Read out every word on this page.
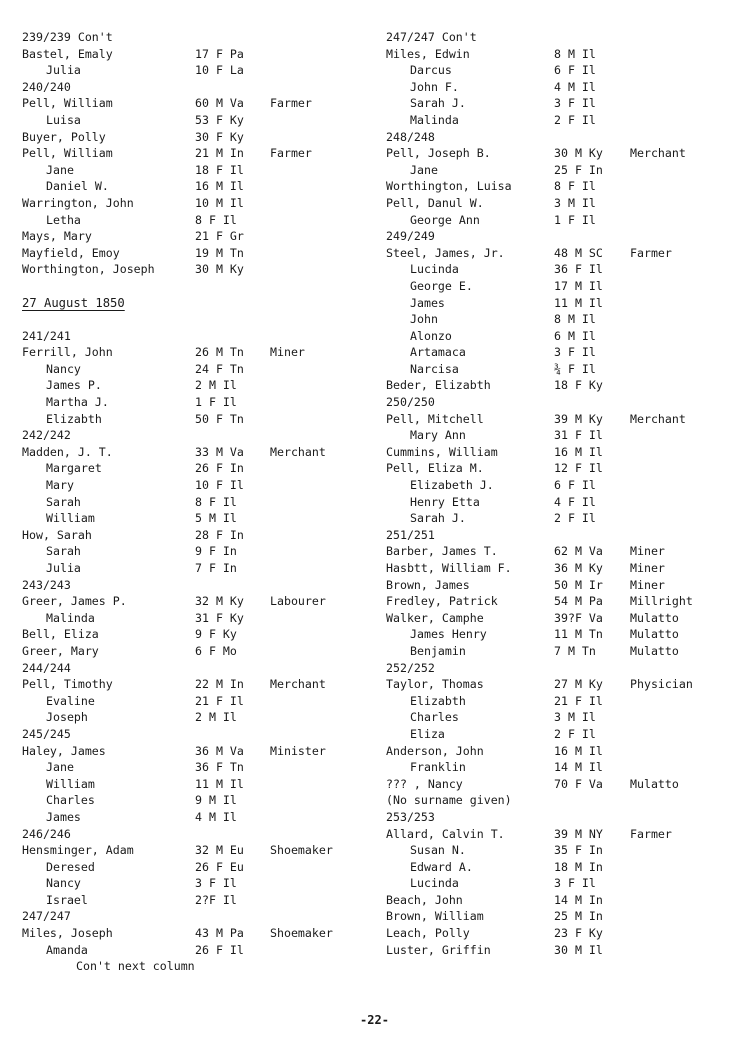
239/239 Con't
Bastel, Emaly	17 F Pa
Julia	10 F La
240/240
Pell, William	60 M Va Farmer
Luisa	53 F Ky
Buyer, Polly	30 F Ky
Pell, William	21 M In Farmer
Jane	18 F Il
Daniel W.	16 M Il
Warrington, John	10 M Il
Letha	8 F Il
Mays, Mary	21 F Gr
Mayfield, Emoy	19 M Tn
Worthington, Joseph	30 M Ky
27 August 1850
241/241
Ferrill, John	26 M Tn Miner
Nancy	24 F Tn
James P.	2 M Il
Martha J.	1 F Il
Elizabth	50 F Tn
242/242
Madden, J. T.	33 M Va Merchant
Margaret	26 F In
Mary	10 F Il
Sarah	8 F Il
William	5 M Il
How, Sarah	28 F In
Sarah	9 F In
Julia	7 F In
243/243
Greer, James P.	32 M Ky Labourer
Malinda	31 F Ky
Bell, Eliza	9 F Ky
Greer, Mary	6 F Mo
244/244
Pell, Timothy	22 M In Merchant
Evaline	21 F Il
Joseph	2 M Il
245/245
Haley, James	36 M Va Minister
Jane	36 F Tn
William	11 M Il
Charles	9 M Il
James	4 M Il
246/246
Hensminger, Adam	32 M Eu Shoemaker
Deresed	26 F Eu
Nancy	3 F Il
Israel	2?F Il
247/247
Miles, Joseph	43 M Pa Shoemaker
Amanda	26 F Il
Con't next column
247/247 Con't
Miles, Edwin	8 M Il
Darcus	6 F Il
John F.	4 M Il
Sarah J.	3 F Il
Malinda	2 F Il
248/248
Pell, Joseph B.	30 M Ky Merchant
Jane	25 F In
Worthington, Luisa	8 F Il
Pell, Danul W.	3 M Il
George Ann	1 F Il
249/249
Steel, James, Jr.	48 M SC Farmer
Lucinda	36 F Il
George E.	17 M Il
James	11 M Il
John	8 M Il
Alonzo	6 M Il
Artamaca	3 F Il
Narcisa	¾ F Il
Beder, Elizabth	18 F Ky
250/250
Pell, Mitchell	39 M Ky Merchant
Mary Ann	31 F Il
Cummins, William	16 M Il
Pell, Eliza M.	12 F Il
Elizabeth J.	6 F Il
Henry Etta	4 F Il
Sarah J.	2 F Il
251/251
Barber, James T.	62 M Va Miner
Hasbtt, William F.	36 M Ky Miner
Brown, James	50 M Ir Miner
Fredley, Patrick	54 M Pa Millright
Walker, Camphe	39?F Va Mulatto
James Henry	11 M Tn Mulatto
Benjamin	7 M Tn	Mulatto
252/252
Taylor, Thomas	27 M Ky Physician
Elizabth	21 F Il
Charles	3 M Il
Eliza	2 F Il
Anderson, John	16 M Il
Franklin	14 M Il
??? , Nancy	70 F Va Mulatto
(No surname given)
253/253
Allard, Calvin T.	39 M NY Farmer
Susan N.	35 F In
Edward A.	18 M In
Lucinda	3 F Il
Beach, John	14 M In
Brown, William	25 M In
Leach, Polly	23 F Ky
Luster, Griffin	30 M Il
-22-
